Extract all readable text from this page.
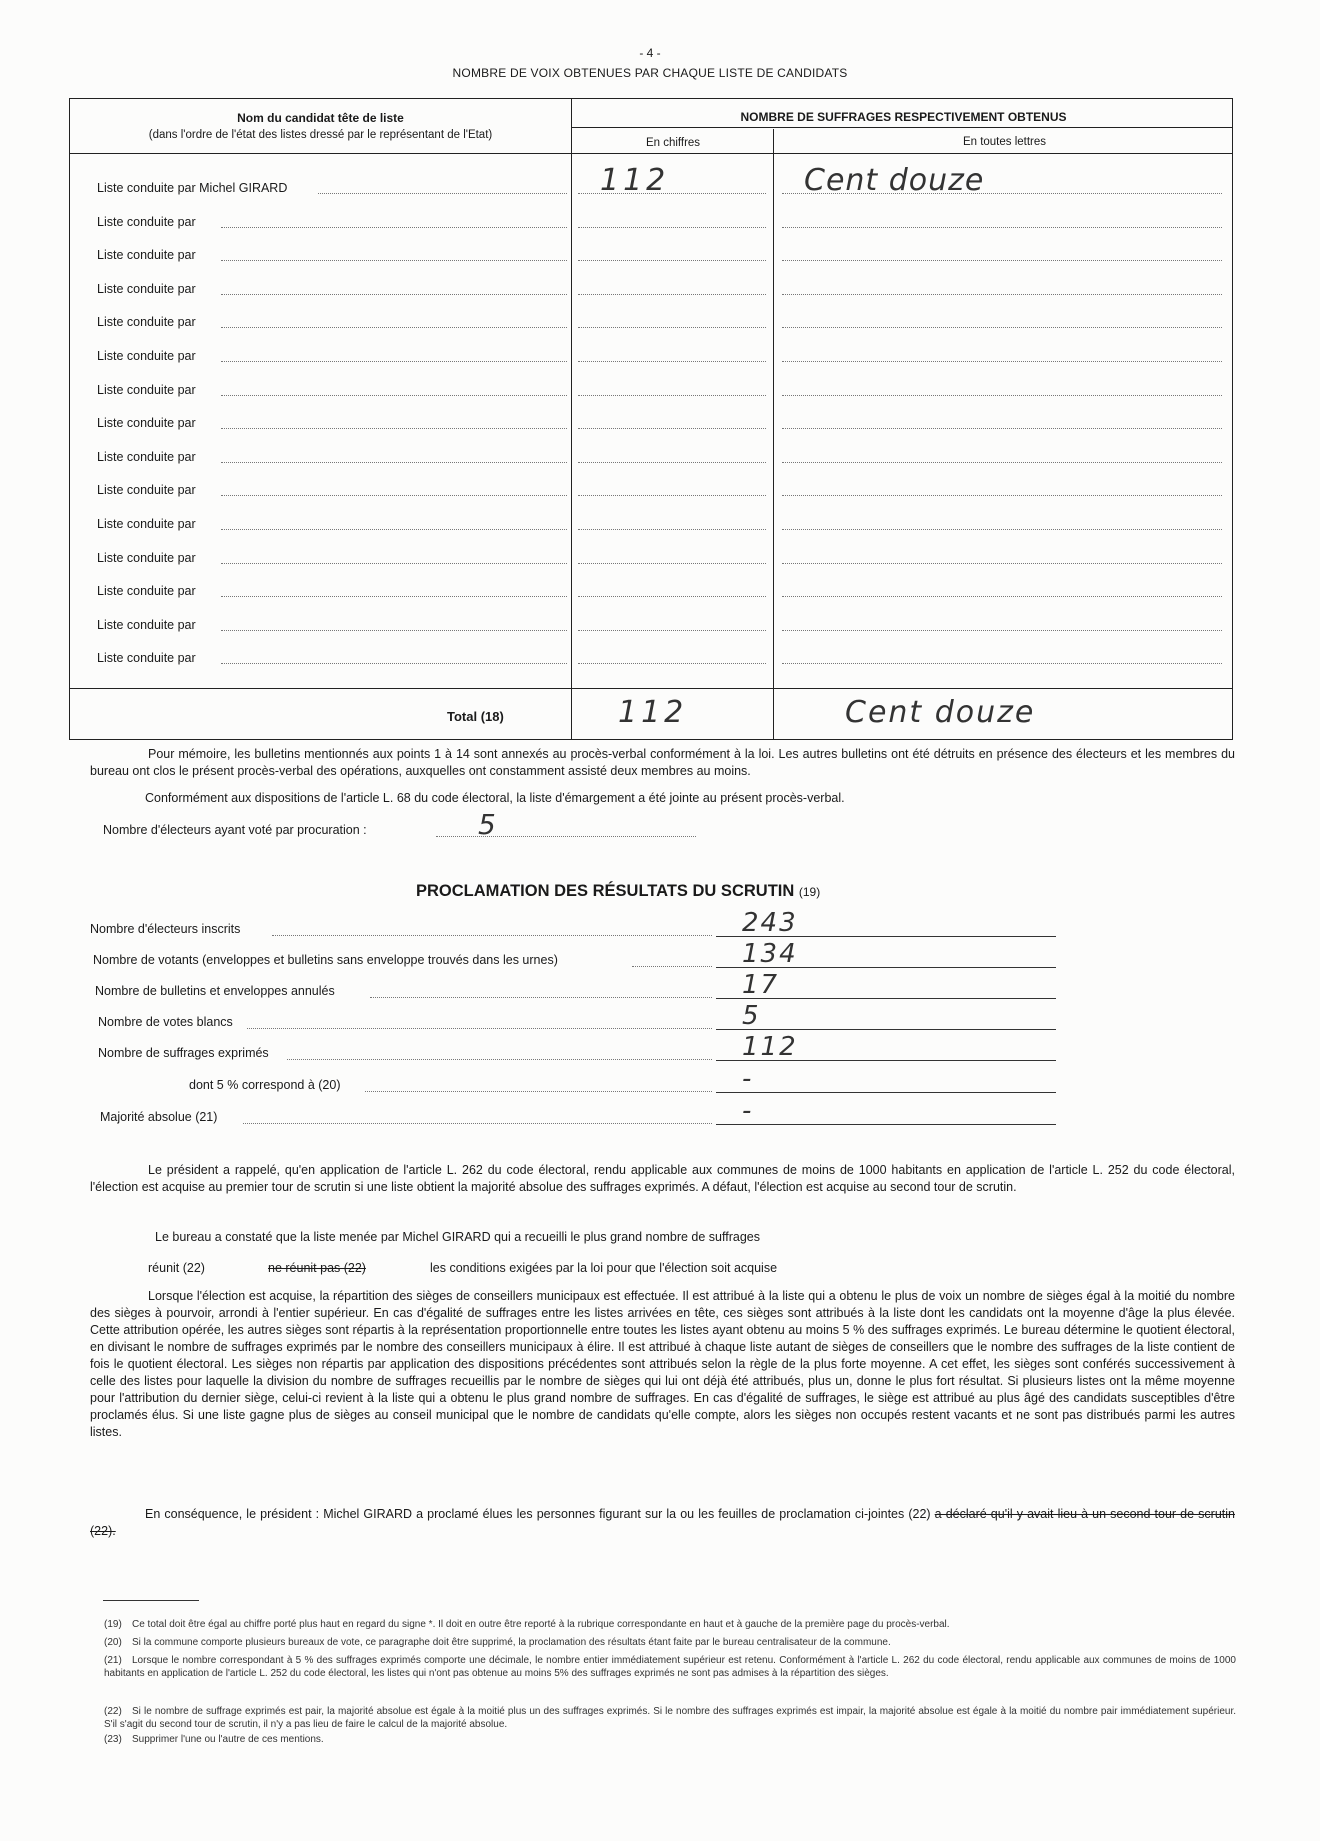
- 4 -
NOMBRE DE VOIX OBTENUES PAR CHAQUE LISTE DE CANDIDATS
Nom du candidat tête de liste
(dans l'ordre de l'état des listes dressé par le représentant de l'Etat)
NOMBRE DE SUFFRAGES RESPECTIVEMENT OBTENUS
En chiffres	En toutes lettres
Liste conduite par Michel GIRARD	112	Cent douze
Liste conduite par
Liste conduite par
Liste conduite par
Liste conduite par
Liste conduite par
Liste conduite par
Liste conduite par
Liste conduite par
Liste conduite par
Liste conduite par
Liste conduite par
Liste conduite par
Liste conduite par
Liste conduite par
Total (18)	112	Cent douze
Pour mémoire, les bulletins mentionnés aux points 1 à 14 sont annexés au procès-verbal conformément à la loi. Les autres bulletins ont été détruits en présence des électeurs et les membres du bureau ont clos le présent procès-verbal des opérations, auxquelles ont constamment assisté deux membres au moins.
Conformément aux dispositions de l'article L. 68 du code électoral, la liste d'émargement a été jointe au présent procès-verbal.
Nombre d'électeurs ayant voté par procuration :	5
PROCLAMATION DES RÉSULTATS DU SCRUTIN (19)
Nombre d'électeurs inscrits	243
Nombre de votants (enveloppes et bulletins sans enveloppe trouvés dans les urnes)	134
Nombre de bulletins et enveloppes annulés	17
Nombre de votes blancs	5
Nombre de suffrages exprimés	112
dont 5 % correspond à (20)	-
Majorité absolue (21)	-
Le président a rappelé, qu'en application de l'article L. 262 du code électoral, rendu applicable aux communes de moins de 1000 habitants en application de l'article L. 252 du code électoral, l'élection est acquise au premier tour de scrutin si une liste obtient la majorité absolue des suffrages exprimés. A défaut, l'élection est acquise au second tour de scrutin.
Le bureau a constaté que la liste menée par Michel GIRARD qui a recueilli le plus grand nombre de suffrages
réunit (22)	ne réunit pas (22)	les conditions exigées par la loi pour que l'élection soit acquise
Lorsque l'élection est acquise, la répartition des sièges de conseillers municipaux est effectuée. Il est attribué à la liste qui a obtenu le plus de voix un nombre de sièges égal à la moitié du nombre des sièges à pourvoir, arrondi à l'entier supérieur. En cas d'égalité de suffrages entre les listes arrivées en tête, ces sièges sont attribués à la liste dont les candidats ont la moyenne d'âge la plus élevée. Cette attribution opérée, les autres sièges sont répartis à la représentation proportionnelle entre toutes les listes ayant obtenu au moins 5 % des suffrages exprimés. Le bureau détermine le quotient électoral, en divisant le nombre de suffrages exprimés par le nombre des conseillers municipaux à élire. Il est attribué à chaque liste autant de sièges de conseillers que le nombre des suffrages de la liste contient de fois le quotient électoral. Les sièges non répartis par application des dispositions précédentes sont attribués selon la règle de la plus forte moyenne. A cet effet, les sièges sont conférés successivement à celle des listes pour laquelle la division du nombre de suffrages recueillis par le nombre de sièges qui lui ont déjà été attribués, plus un, donne le plus fort résultat. Si plusieurs listes ont la même moyenne pour l'attribution du dernier siège, celui-ci revient à la liste qui a obtenu le plus grand nombre de suffrages. En cas d'égalité de suffrages, le siège est attribué au plus âgé des candidats susceptibles d'être proclamés élus. Si une liste gagne plus de sièges au conseil municipal que le nombre de candidats qu'elle compte, alors les sièges non occupés restent vacants et ne sont pas distribués parmi les autres listes.
En conséquence, le président : Michel GIRARD a proclamé élues les personnes figurant sur la ou les feuilles de proclamation ci-jointes (22) a déclaré qu'il y avait lieu à un second tour de scrutin (22).
(19) Ce total doit être égal au chiffre porté plus haut en regard du signe *. Il doit en outre être reporté à la rubrique correspondante en haut et à gauche de la première page du procès-verbal.
(20) Si la commune comporte plusieurs bureaux de vote, ce paragraphe doit être supprimé, la proclamation des résultats étant faite par le bureau centralisateur de la commune.
(21) Lorsque le nombre correspondant à 5 % des suffrages exprimés comporte une décimale, le nombre entier immédiatement supérieur est retenu. Conformément à l'article L. 262 du code électoral, rendu applicable aux communes de moins de 1000 habitants en application de l'article L. 252 du code électoral, les listes qui n'ont pas obtenue au moins 5% des suffrages exprimés ne sont pas admises à la répartition des sièges.
(22) Si le nombre de suffrage exprimés est pair, la majorité absolue est égale à la moitié plus un des suffrages exprimés. Si le nombre des suffrages exprimés est impair, la majorité absolue est égale à la moitié du nombre pair immédiatement supérieur. S'il s'agit du second tour de scrutin, il n'y a pas lieu de faire le calcul de la majorité absolue.
(23) Supprimer l'une ou l'autre de ces mentions.
